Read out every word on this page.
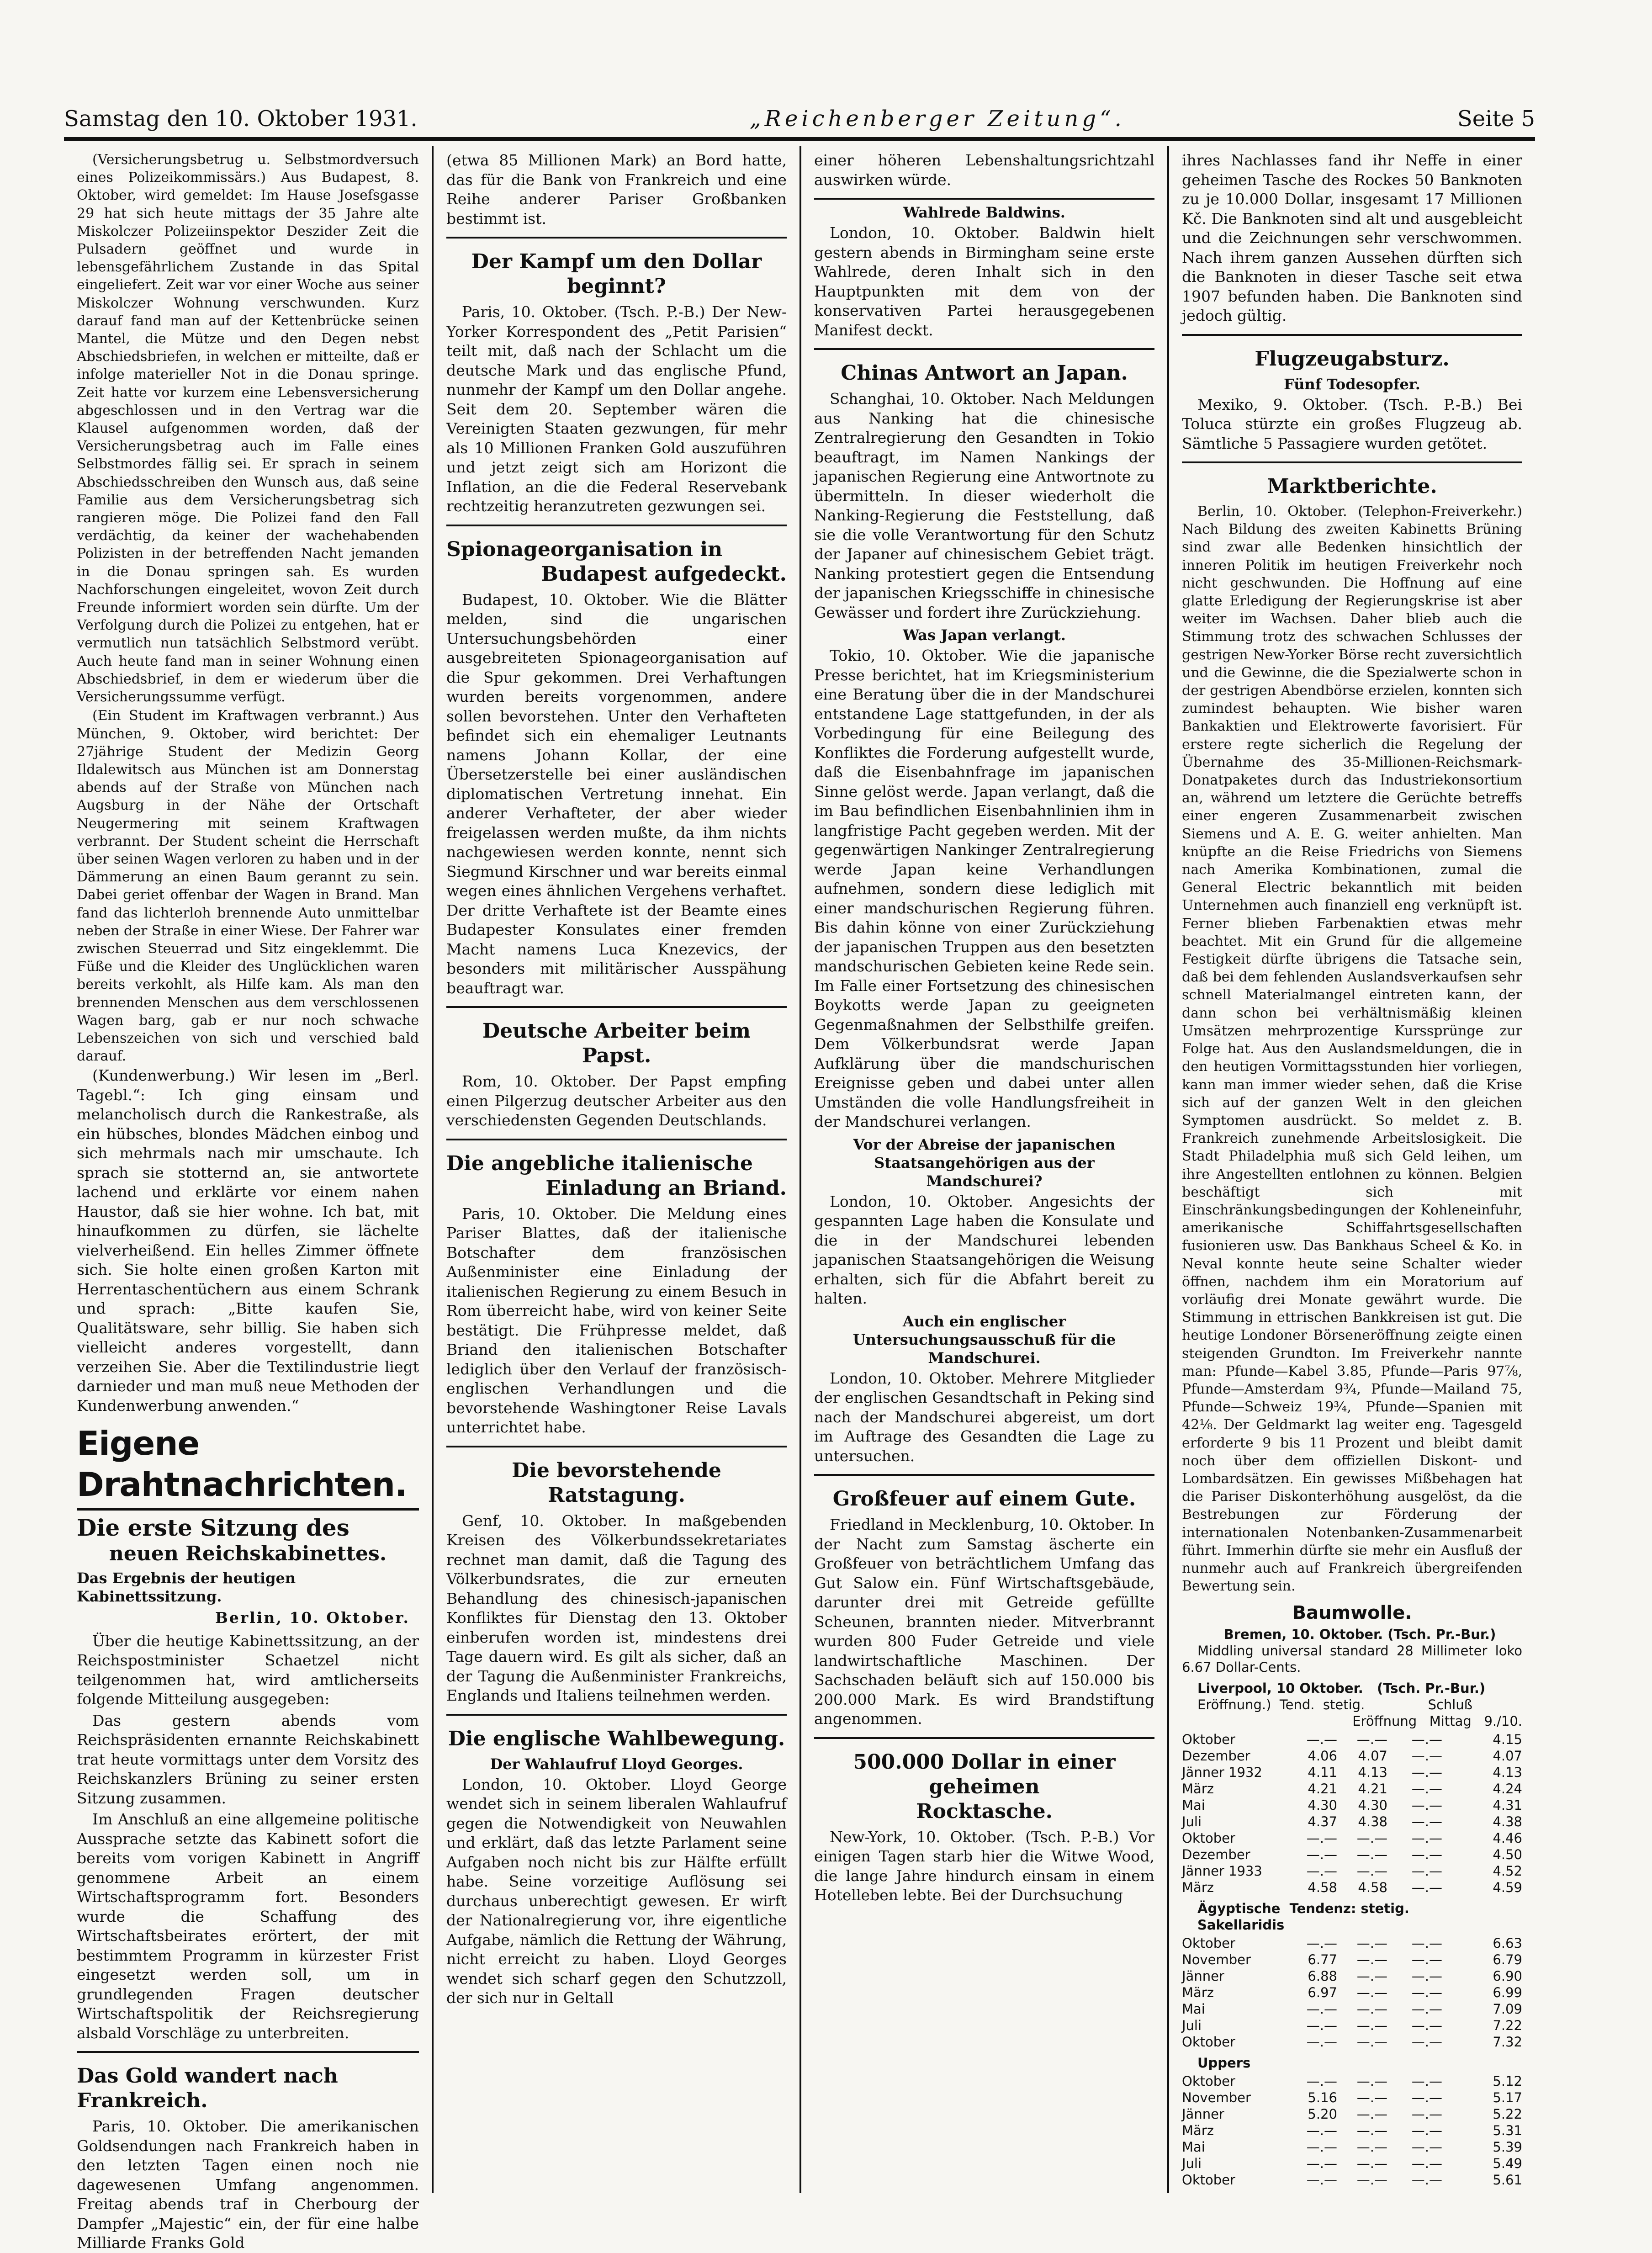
Samstag den 10. Oktober 1931.	„Reichenberger Zeitung“.	Seite 5

(Versicherungsbetrug u. Selbstmordversuch eines Polizeikommissärs.) Aus Budapest, 8. Oktober, wird gemeldet: Im Hause Josefsgasse 29 hat sich heute mittags der 35 Jahre alte Miskolczer Polizeiinspektor Deszider Zeit die Pulsadern geöffnet und wurde in lebensgefährlichem Zustande in das Spital eingeliefert. Zeit war vor einer Woche aus seiner Miskolczer Wohnung verschwunden. Kurz darauf fand man auf der Kettenbrücke seinen Mantel, die Mütze und den Degen nebst Abschiedsbriefen, in welchen er mitteilte, daß er infolge materieller Not in die Donau springe. Zeit hatte vor kurzem eine Lebensversicherung abgeschlossen und in den Vertrag war die Klausel aufgenommen worden, daß der Versicherungsbetrag auch im Falle eines Selbstmordes fällig sei. Er sprach in seinem Abschiedsschreiben den Wunsch aus, daß seine Familie aus dem Versicherungsbetrag sich rangieren möge. Die Polizei fand den Fall verdächtig, da keiner der wachehabenden Polizisten in der betreffenden Nacht jemanden in die Donau springen sah. Es wurden Nachforschungen eingeleitet, wovon Zeit durch Freunde informiert worden sein dürfte. Um der Verfolgung durch die Polizei zu entgehen, hat er vermutlich nun tatsächlich Selbstmord verübt. Auch heute fand man in seiner Wohnung einen Abschiedsbrief, in dem er wiederum über die Versicherungssumme verfügt.

(Ein Student im Kraftwagen verbrannt.) Aus München, 9. Oktober, wird berichtet: Der 27jährige Student der Medizin Georg Ildalewitsch aus München ist am Donnerstag abends auf der Straße von München nach Augsburg in der Nähe der Ortschaft Neugermering mit seinem Kraftwagen verbrannt. Der Student scheint die Herrschaft über seinen Wagen verloren zu haben und in der Dämmerung an einen Baum gerannt zu sein. Dabei geriet offenbar der Wagen in Brand. Man fand das lichterloh brennende Auto unmittelbar neben der Straße in einer Wiese. Der Fahrer war zwischen Steuerrad und Sitz eingeklemmt. Die Füße und die Kleider des Unglücklichen waren bereits verkohlt, als Hilfe kam. Als man den brennenden Menschen aus dem verschlossenen Wagen barg, gab er nur noch schwache Lebenszeichen von sich und verschied bald darauf.

(Kundenwerbung.) Wir lesen im „Berl. Tagebl.“: Ich ging einsam und melancholisch durch die Rankestraße, als ein hübsches, blondes Mädchen einbog und sich mehrmals nach mir umschaute. Ich sprach sie stotternd an, sie antwortete lachend und erklärte vor einem nahen Haustor, daß sie hier wohne. Ich bat, mit hinaufkommen zu dürfen, sie lächelte vielverheißend. Ein helles Zimmer öffnete sich. Sie holte einen großen Karton mit Herrentaschentüchern aus einem Schrank und sprach: „Bitte kaufen Sie, Qualitätsware, sehr billig. Sie haben sich vielleicht anderes vorgestellt, dann verzeihen Sie. Aber die Textilindustrie liegt darnieder und man muß neue Methoden der Kundenwerbung anwenden.“

Eigene Drahtnachrichten.
Die erste Sitzung des
neuen Reichskabinettes.
Das Ergebnis der heutigen Kabinettssitzung.
Berlin, 10. Oktober.

Über die heutige Kabinettssitzung, an der Reichspostminister Schaetzel nicht teilgenommen hat, wird amtlicherseits folgende Mitteilung ausgegeben:

Das gestern abends vom Reichspräsidenten ernannte Reichskabinett trat heute vormittags unter dem Vorsitz des Reichskanzlers Brüning zu seiner ersten Sitzung zusammen.

Im Anschluß an eine allgemeine politische Aussprache setzte das Kabinett sofort die bereits vom vorigen Kabinett in Angriff genommene Arbeit an einem Wirtschaftsprogramm fort. Besonders wurde die Schaffung des Wirtschaftsbeirates erörtert, der mit bestimmtem Programm in kürzester Frist eingesetzt werden soll, um in grundlegenden Fragen deutscher Wirtschaftspolitik der Reichsregierung alsbald Vorschläge zu unterbreiten.

Das Gold wandert nach Frankreich.

Paris, 10. Oktober. Die amerikanischen Goldsendungen nach Frankreich haben in den letzten Tagen einen noch nie dagewesenen Umfang angenommen. Freitag abends traf in Cherbourg der Dampfer „Majestic“ ein, der für eine halbe Milliarde Franks Gold

(etwa 85 Millionen Mark) an Bord hatte, das für die Bank von Frankreich und eine Reihe anderer Pariser Großbanken bestimmt ist.

Der Kampf um den Dollar beginnt?

Paris, 10. Oktober. (Tsch. P.-B.) Der New-Yorker Korrespondent des „Petit Parisien“ teilt mit, daß nach der Schlacht um die deutsche Mark und das englische Pfund, nunmehr der Kampf um den Dollar angehe. Seit dem 20. September wären die Vereinigten Staaten gezwungen, für mehr als 10 Millionen Franken Gold auszuführen und jetzt zeigt sich am Horizont die Inflation, an die die Federal Reservebank rechtzeitig heranzutreten gezwungen sei.

Spionageorganisation in
Budapest aufgedeckt.

Budapest, 10. Oktober. Wie die Blätter melden, sind die ungarischen Untersuchungsbehörden einer ausgebreiteten Spionageorganisation auf die Spur gekommen. Drei Verhaftungen wurden bereits vorgenommen, andere sollen bevorstehen. Unter den Verhafteten befindet sich ein ehemaliger Leutnants namens Johann Kollar, der eine Übersetzerstelle bei einer ausländischen diplomatischen Vertretung innehat. Ein anderer Verhafteter, der aber wieder freigelassen werden mußte, da ihm nichts nachgewiesen werden konnte, nennt sich Siegmund Kirschner und war bereits einmal wegen eines ähnlichen Vergehens verhaftet. Der dritte Verhaftete ist der Beamte eines Budapester Konsulates einer fremden Macht namens Luca Knezevics, der besonders mit militärischer Ausspähung beauftragt war.

Deutsche Arbeiter beim Papst.

Rom, 10. Oktober. Der Papst empfing einen Pilgerzug deutscher Arbeiter aus den verschiedensten Gegenden Deutschlands.

Die angebliche italienische
Einladung an Briand.

Paris, 10. Oktober. Die Meldung eines Pariser Blattes, daß der italienische Botschafter dem französischen Außenminister eine Einladung der italienischen Regierung zu einem Besuch in Rom überreicht habe, wird von keiner Seite bestätigt. Die Frühpresse meldet, daß Briand den italienischen Botschafter lediglich über den Verlauf der französisch-englischen Verhandlungen und die bevorstehende Washingtoner Reise Lavals unterrichtet habe.

Die bevorstehende Ratstagung.

Genf, 10. Oktober. In maßgebenden Kreisen des Völkerbundssekretariates rechnet man damit, daß die Tagung des Völkerbundsrates, die zur erneuten Behandlung des chinesisch-japanischen Konfliktes für Dienstag den 13. Oktober einberufen worden ist, mindestens drei Tage dauern wird. Es gilt als sicher, daß an der Tagung die Außenminister Frankreichs, Englands und Italiens teilnehmen werden.

Die englische Wahlbewegung.
Der Wahlaufruf Lloyd Georges.

London, 10. Oktober. Lloyd George wendet sich in seinem liberalen Wahlaufruf gegen die Notwendigkeit von Neuwahlen und erklärt, daß das letzte Parlament seine Aufgaben noch nicht bis zur Hälfte erfüllt habe. Seine vorzeitige Auflösung sei durchaus unberechtigt gewesen. Er wirft der Nationalregierung vor, ihre eigentliche Aufgabe, nämlich die Rettung der Währung, nicht erreicht zu haben. Lloyd Georges wendet sich scharf gegen den Schutzzoll, der sich nur in Geltall

einer höheren Lebenshaltungsrichtzahl auswirken würde.

Wahlrede Baldwins.

London, 10. Oktober. Baldwin hielt gestern abends in Birmingham seine erste Wahlrede, deren Inhalt sich in den Hauptpunkten mit dem von der konservativen Partei herausgegebenen Manifest deckt.

Chinas Antwort an Japan.

Schanghai, 10. Oktober. Nach Meldungen aus Nanking hat die chinesische Zentralregierung den Gesandten in Tokio beauftragt, im Namen Nankings der japanischen Regierung eine Antwortnote zu übermitteln. In dieser wiederholt die Nanking-Regierung die Feststellung, daß sie die volle Verantwortung für den Schutz der Japaner auf chinesischem Gebiet trägt. Nanking protestiert gegen die Entsendung der japanischen Kriegsschiffe in chinesische Gewässer und fordert ihre Zurückziehung.

Was Japan verlangt.

Tokio, 10. Oktober. Wie die japanische Presse berichtet, hat im Kriegsministerium eine Beratung über die in der Mandschurei entstandene Lage stattgefunden, in der als Vorbedingung für eine Beilegung des Konfliktes die Forderung aufgestellt wurde, daß die Eisenbahnfrage im japanischen Sinne gelöst werde. Japan verlangt, daß die im Bau befindlichen Eisenbahnlinien ihm in langfristige Pacht gegeben werden. Mit der gegenwärtigen Nankinger Zentralregierung werde Japan keine Verhandlungen aufnehmen, sondern diese lediglich mit einer mandschurischen Regierung führen. Bis dahin könne von einer Zurückziehung der japanischen Truppen aus den besetzten mandschurischen Gebieten keine Rede sein. Im Falle einer Fortsetzung des chinesischen Boykotts werde Japan zu geeigneten Gegenmaßnahmen der Selbsthilfe greifen. Dem Völkerbundsrat werde Japan Aufklärung über die mandschurischen Ereignisse geben und dabei unter allen Umständen die volle Handlungsfreiheit in der Mandschurei verlangen.

Vor der Abreise der japanischen Staatsangehörigen aus der Mandschurei?

London, 10. Oktober. Angesichts der gespannten Lage haben die Konsulate und die in der Mandschurei lebenden japanischen Staatsangehörigen die Weisung erhalten, sich für die Abfahrt bereit zu halten.

Auch ein englischer Untersuchungsausschuß für die Mandschurei.

London, 10. Oktober. Mehrere Mitglieder der englischen Gesandtschaft in Peking sind nach der Mandschurei abgereist, um dort im Auftrage des Gesandten die Lage zu untersuchen.

Großfeuer auf einem Gute.

Friedland in Mecklenburg, 10. Oktober. In der Nacht zum Samstag äscherte ein Großfeuer von beträchtlichem Umfang das Gut Salow ein. Fünf Wirtschaftsgebäude, darunter drei mit Getreide gefüllte Scheunen, brannten nieder. Mitverbrannt wurden 800 Fuder Getreide und viele landwirtschaftliche Maschinen. Der Sachschaden beläuft sich auf 150.000 bis 200.000 Mark. Es wird Brandstiftung angenommen.

500.000 Dollar in einer geheimen
Rocktasche.

New-York, 10. Oktober. (Tsch. P.-B.) Vor einigen Tagen starb hier die Witwe Wood, die lange Jahre hindurch einsam in einem Hotelleben lebte. Bei der Durchsuchung

ihres Nachlasses fand ihr Neffe in einer geheimen Tasche des Rockes 50 Banknoten zu je 10.000 Dollar, insgesamt 17 Millionen Kč. Die Banknoten sind alt und ausgebleicht und die Zeichnungen sehr verschwommen. Nach ihrem ganzen Aussehen dürften sich die Banknoten in dieser Tasche seit etwa 1907 befunden haben. Die Banknoten sind jedoch gültig.

Flugzeugabsturz.
Fünf Todesopfer.

Mexiko, 9. Oktober. (Tsch. P.-B.) Bei Toluca stürzte ein großes Flugzeug ab. Sämtliche 5 Passagiere wurden getötet.

Marktberichte.

Berlin, 10. Oktober. (Telephon-Freiverkehr.) Nach Bildung des zweiten Kabinetts Brüning sind zwar alle Bedenken hinsichtlich der inneren Politik im heutigen Freiverkehr noch nicht geschwunden. Die Hoffnung auf eine glatte Erledigung der Regierungskrise ist aber weiter im Wachsen. Daher blieb auch die Stimmung trotz des schwachen Schlusses der gestrigen New-Yorker Börse recht zuversichtlich und die Gewinne, die die Spezialwerte schon in der gestrigen Abendbörse erzielen, konnten sich zumindest behaupten. Wie bisher waren Bankaktien und Elektrowerte favorisiert. Für erstere regte sicherlich die Regelung der Übernahme des 35-Millionen-Reichsmark-Donatpaketes durch das Industriekonsortium an, während um letztere die Gerüchte betreffs einer engeren Zusammenarbeit zwischen Siemens und A. E. G. weiter anhielten. Man knüpfte an die Reise Friedrichs von Siemens nach Amerika Kombinationen, zumal die General Electric bekanntlich mit beiden Unternehmen auch finanziell eng verknüpft ist. Ferner blieben Farbenaktien etwas mehr beachtet. Mit ein Grund für die allgemeine Festigkeit dürfte übrigens die Tatsache sein, daß bei dem fehlenden Auslandsverkaufsen sehr schnell Materialmangel eintreten kann, der dann schon bei verhältnismäßig kleinen Umsätzen mehrprozentige Kurssprünge zur Folge hat. Aus den Auslandsmeldungen, die in den heutigen Vormittagsstunden hier vorliegen, kann man immer wieder sehen, daß die Krise sich auf der ganzen Welt in den gleichen Symptomen ausdrückt. So meldet z. B. Frankreich zunehmende Arbeitslosigkeit. Die Stadt Philadelphia muß sich Geld leihen, um ihre Angestellten entlohnen zu können. Belgien beschäftigt sich mit Einschränkungsbedingungen der Kohleneinfuhr, amerikanische Schiffahrtsgesellschaften fusionieren usw. Das Bankhaus Scheel & Ko. in Neval konnte heute seine Schalter wieder öffnen, nachdem ihm ein Moratorium auf vorläufig drei Monate gewährt wurde. Die Stimmung in ettrischen Bankkreisen ist gut. Die heutige Londoner Börseneröffnung zeigte einen steigenden Grundton. Im Freiverkehr nannte man: Pfunde—Kabel 3.85, Pfunde—Paris 97⅞, Pfunde—Amsterdam 9¾, Pfunde—Mailand 75, Pfunde—Schweiz 19¾, Pfunde—Spanien mit 42⅛. Der Geldmarkt lag weiter eng. Tagesgeld erforderte 9 bis 11 Prozent und bleibt damit noch über dem offiziellen Diskont- und Lombardsätzen. Ein gewisses Mißbehagen hat die Pariser Diskonterhöhung ausgelöst, da die Bestrebungen zur Förderung der internationalen Notenbanken-Zusammenarbeit führt. Immerhin dürfte sie mehr ein Ausfluß der nunmehr auch auf Frankreich übergreifenden Bewertung sein.

Baumwolle.

Bremen, 10. Oktober. (Tsch. Pr.-Bur.)

Middling universal standard 28 Millimeter loko 6.67 Dollar-Cents.

Liverpool, 10 Oktober.   (Tsch. Pr.-Bur.)

Eröffnung.)  Tend.  stetig.               Schluß

Eröffnung   Mittag   9./10.

Oktober	—.—	—.—	—.—	4.15
Dezember	4.06	4.07	—.—	4.07
Jänner 1932	4.11	4.13	—.—	4.13
März	4.21	4.21	—.—	4.24
Mai	4.30	4.30	—.—	4.31
Juli	4.37	4.38	—.—	4.38
Oktober	—.—	—.—	—.—	4.46
Dezember	—.—	—.—	—.—	4.50
Jänner 1933	—.—	—.—	—.—	4.52
März	4.58	4.58	—.—	4.59

Ägyptische  Tendenz: stetig.

Sakellaridis

Oktober	—.—	—.—	—.—	6.63
November	6.77	—.—	—.—	6.79
Jänner	6.88	—.—	—.—	6.90
März	6.97	—.—	—.—	6.99
Mai	—.—	—.—	—.—	7.09
Juli	—.—	—.—	—.—	7.22
Oktober	—.—	—.—	—.—	7.32

Uppers

Oktober	—.—	—.—	—.—	5.12
November	5.16	—.—	—.—	5.17
Jänner	5.20	—.—	—.—	5.22
März	—.—	—.—	—.—	5.31
Mai	—.—	—.—	—.—	5.39
Juli	—.—	—.—	—.—	5.49
Oktober	—.—	—.—	—.—	5.61
